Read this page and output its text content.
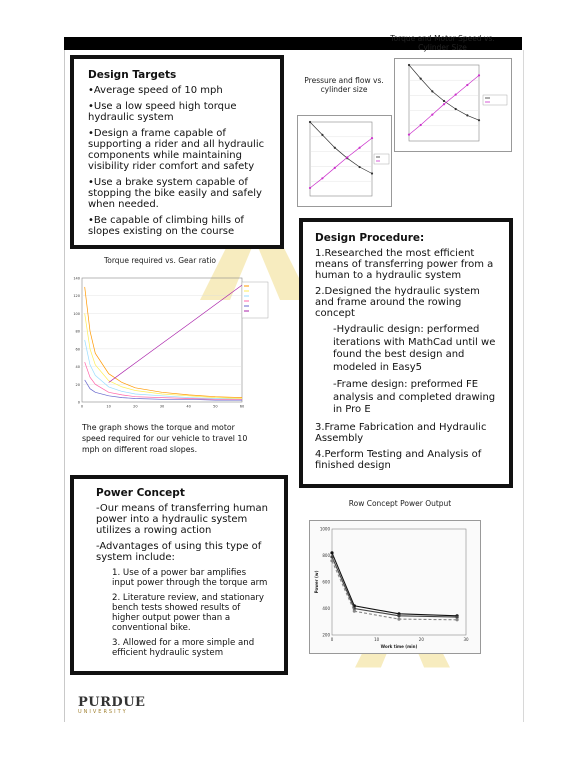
Design Targets
•Average speed of 10 mph
•Use a low speed high torque hydraulic system
•Design a frame capable of supporting a rider and all hydraulic components while maintaining visibility rider comfort and safety
•Use a brake system capable of stopping the bike easily and safely when needed.
•Be capable of climbing hills of slopes existing on the course
Torque and Motor Speed vs. Cylinder Size
Pressure and flow vs. cylinder size
Torque required vs. Gear ratio
Row Concept Power Output
0
20
40
60
80
100
120
140
0	10	20	30	40	50	60
The graph shows the torque and motor speed required for our vehicle to travel 10 mph on different road slopes.
Design Procedure:
1.Researched the most efficient means of transferring power from a human to a hydraulic system
2.Designed the hydraulic system and frame around the rowing concept
-Hydraulic design: performed iterations with MathCad until we found the best design and modeled in Easy5
-Frame design: preformed FE analysis and completed drawing in Pro E
3.Frame Fabrication and Hydraulic Assembly
4.Perform Testing and Analysis of finished design
Power Concept
-Our means of transferring human power into a hydraulic system utilizes a rowing action
-Advantages of using this type of system include:
1. Use of a power bar amplifies input power through the torque arm
2. Literature review, and stationary bench tests showed results of higher output power than a conventional bike.
3. Allowed for a more simple and efficient hydraulic system
200
400
600
800
1000
0	10	20	30
Work time (min)
Power (w)
PURDUE
UNIVERSITY
